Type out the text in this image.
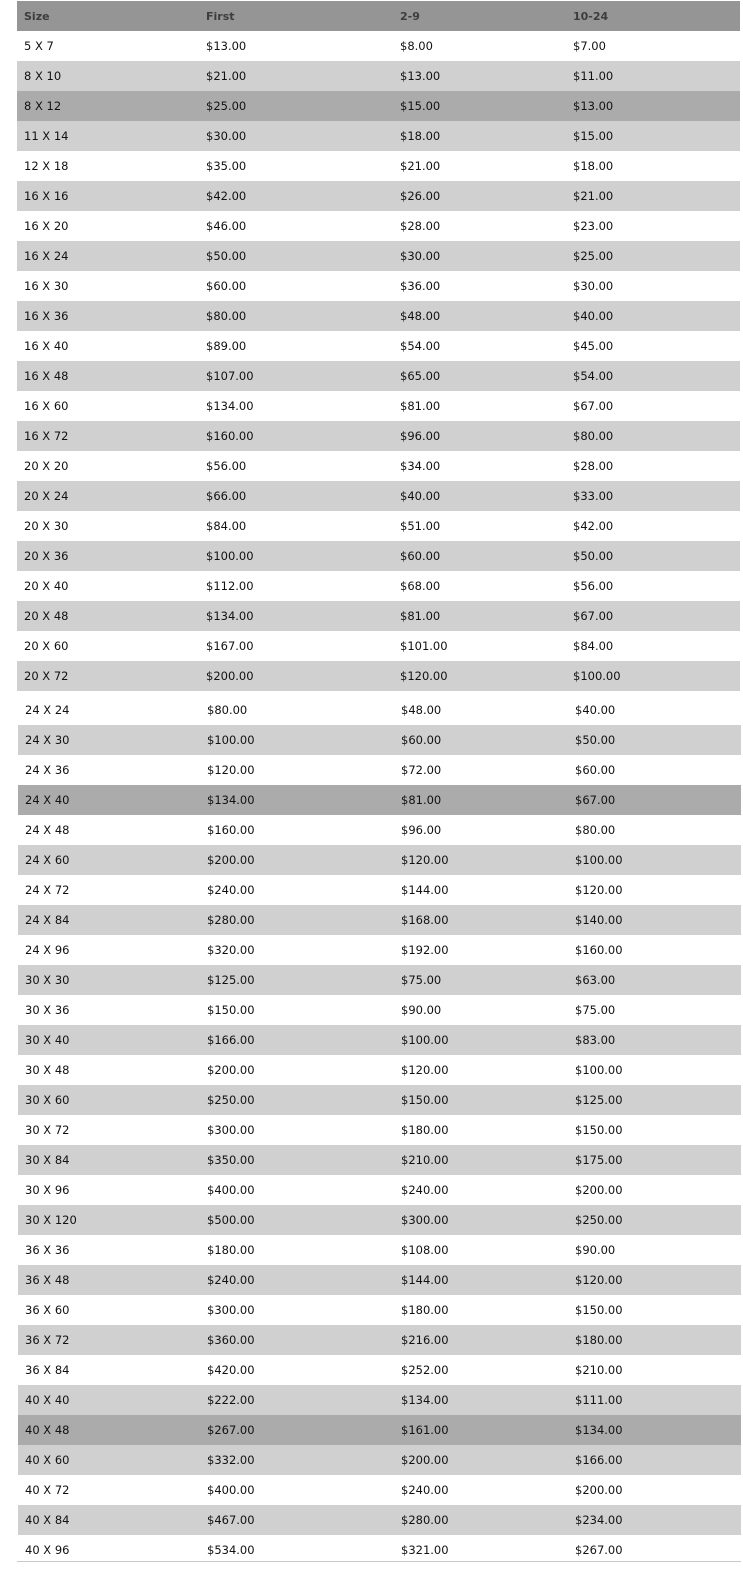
Size	First	2-9	10-24
5 X 7	$13.00	$8.00	$7.00
8 X 10	$21.00	$13.00	$11.00
8 X 12	$25.00	$15.00	$13.00
11 X 14	$30.00	$18.00	$15.00
12 X 18	$35.00	$21.00	$18.00
16 X 16	$42.00	$26.00	$21.00
16 X 20	$46.00	$28.00	$23.00
16 X 24	$50.00	$30.00	$25.00
16 X 30	$60.00	$36.00	$30.00
16 X 36	$80.00	$48.00	$40.00
16 X 40	$89.00	$54.00	$45.00
16 X 48	$107.00	$65.00	$54.00
16 X 60	$134.00	$81.00	$67.00
16 X 72	$160.00	$96.00	$80.00
20 X 20	$56.00	$34.00	$28.00
20 X 24	$66.00	$40.00	$33.00
20 X 30	$84.00	$51.00	$42.00
20 X 36	$100.00	$60.00	$50.00
20 X 40	$112.00	$68.00	$56.00
20 X 48	$134.00	$81.00	$67.00
20 X 60	$167.00	$101.00	$84.00
20 X 72	$200.00	$120.00	$100.00
24 X 24	$80.00	$48.00	$40.00
24 X 30	$100.00	$60.00	$50.00
24 X 36	$120.00	$72.00	$60.00
24 X 40	$134.00	$81.00	$67.00
24 X 48	$160.00	$96.00	$80.00
24 X 60	$200.00	$120.00	$100.00
24 X 72	$240.00	$144.00	$120.00
24 X 84	$280.00	$168.00	$140.00
24 X 96	$320.00	$192.00	$160.00
30 X 30	$125.00	$75.00	$63.00
30 X 36	$150.00	$90.00	$75.00
30 X 40	$166.00	$100.00	$83.00
30 X 48	$200.00	$120.00	$100.00
30 X 60	$250.00	$150.00	$125.00
30 X 72	$300.00	$180.00	$150.00
30 X 84	$350.00	$210.00	$175.00
30 X 96	$400.00	$240.00	$200.00
30 X 120	$500.00	$300.00	$250.00
36 X 36	$180.00	$108.00	$90.00
36 X 48	$240.00	$144.00	$120.00
36 X 60	$300.00	$180.00	$150.00
36 X 72	$360.00	$216.00	$180.00
36 X 84	$420.00	$252.00	$210.00
40 X 40	$222.00	$134.00	$111.00
40 X 48	$267.00	$161.00	$134.00
40 X 60	$332.00	$200.00	$166.00
40 X 72	$400.00	$240.00	$200.00
40 X 84	$467.00	$280.00	$234.00
40 X 96	$534.00	$321.00	$267.00
